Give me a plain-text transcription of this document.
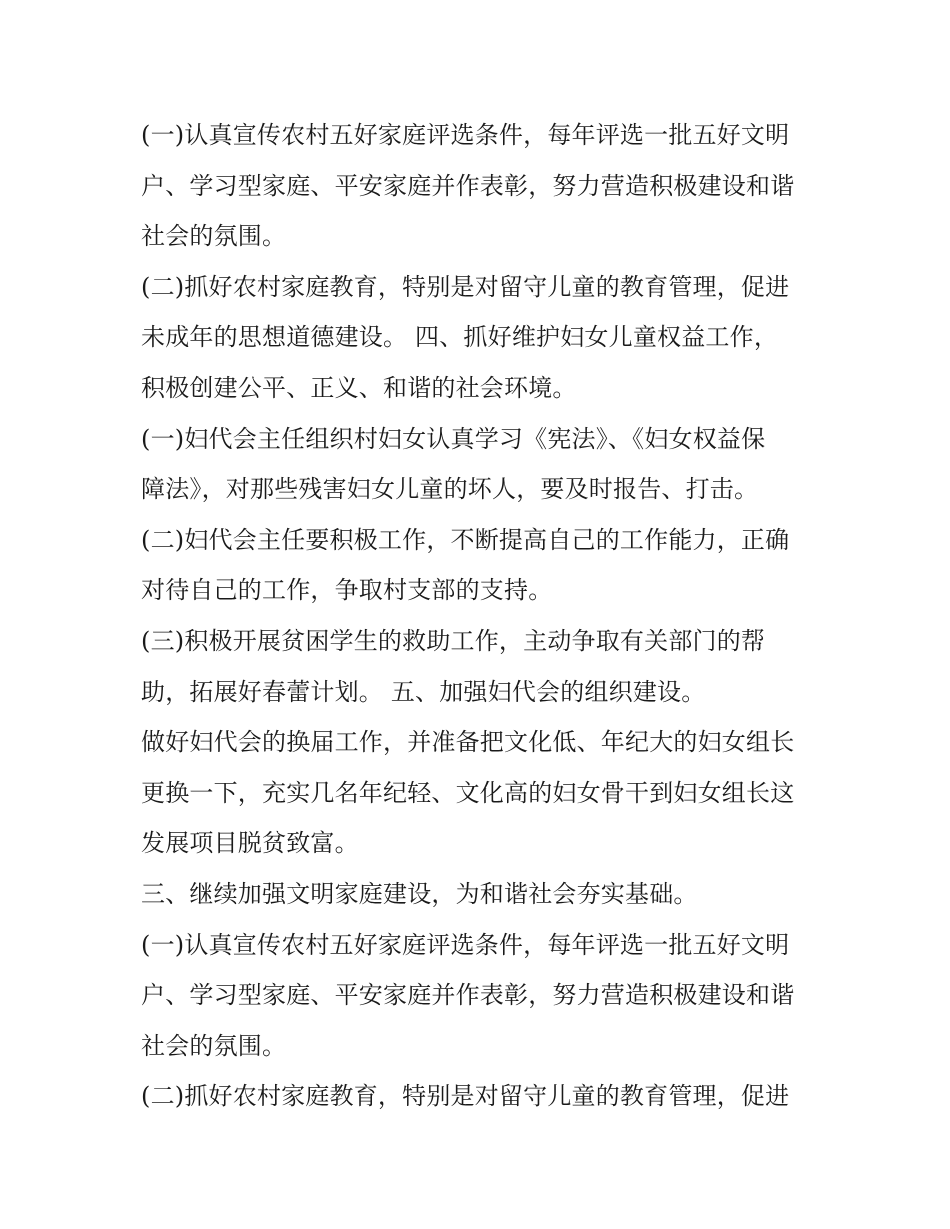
(一)认真宣传农村五好家庭评选条件，每年评选一批五好文明
户、学习型家庭、平安家庭并作表彰，努力营造积极建设和谐
社会的氛围。
(二)抓好农村家庭教育，特别是对留守儿童的教育管理，促进
未成年的思想道德建设。 四、抓好维护妇女儿童权益工作，
积极创建公平、正义、和谐的社会环境。
(一)妇代会主任组织村妇女认真学习《宪法》、《妇女权益保
障法》，对那些残害妇女儿童的坏人，要及时报告、打击。
(二)妇代会主任要积极工作，不断提高自己的工作能力，正确
对待自己的工作，争取村支部的支持。
(三)积极开展贫困学生的救助工作，主动争取有关部门的帮
助，拓展好春蕾计划。 五、加强妇代会的组织建设。
做好妇代会的换届工作，并准备把文化低、年纪大的妇女组长
更换一下，充实几名年纪轻、文化高的妇女骨干到妇女组长这
发展项目脱贫致富。
三、继续加强文明家庭建设，为和谐社会夯实基础。
(一)认真宣传农村五好家庭评选条件，每年评选一批五好文明
户、学习型家庭、平安家庭并作表彰，努力营造积极建设和谐
社会的氛围。
(二)抓好农村家庭教育，特别是对留守儿童的教育管理，促进
